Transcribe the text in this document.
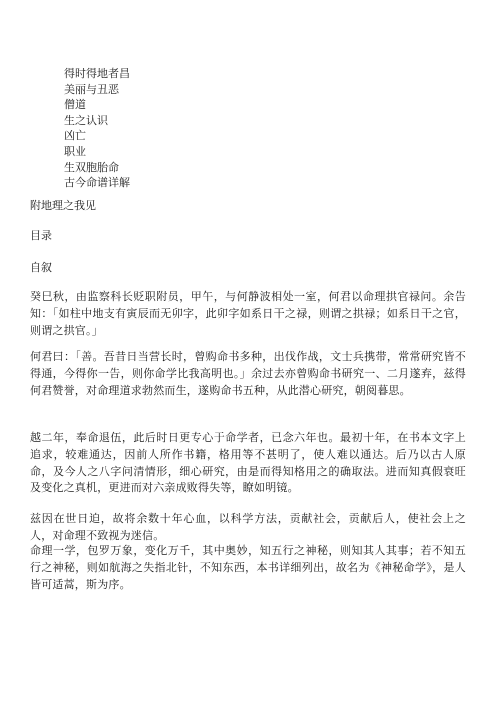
得时得地者昌
美丽与丑恶
僧道
生之认识
凶亡
职业
生双胞胎命
古今命谱详解
附地理之我见
目录
自叙

癸巳秋，由监察科长贬职附员，甲午，与何静波相处一室，何君以命理拱官禄问。余告知：「如柱中地支有寅辰而无卯字，此卯字如系日干之禄，则谓之拱禄；如系日干之官，则谓之拱官。」

何君曰：「善。吾昔日当营长时，曾购命书多种，出伐作战，文士兵携带，常常研究皆不得通，今得你一告，则你命学比我高明也。」余过去亦曾购命书研究一、二月遂弃，兹得何君赞誉，对命理道求勃然而生，遂购命书五种，从此潜心研究，朝阅暮思。

越二年，奉命退伍，此后时日更专心于命学者，已念六年也。最初十年，在书本文字上追求，较难通达，因前人所作书籍，格用等不甚明了，使人难以通达。后乃以古人原命，及今人之八字问清情形，细心研究，由是而得知格用之的确取法。进而知真假衰旺及变化之真机，更进而对六亲成败得失等，瞭如明镜。

兹因在世日迫，故将余数十年心血，以科学方法，贡献社会，贡献后人，使社会上之人，对命理不致视为迷信。

命理一学，包罗万象，变化万千，其中奥妙，知五行之神秘，则知其人其事；若不知五行之神秘，则如航海之失指北针，不知东西，本书详细列出，故名为《神秘命学》，是人皆可适蒿，斯为序。
